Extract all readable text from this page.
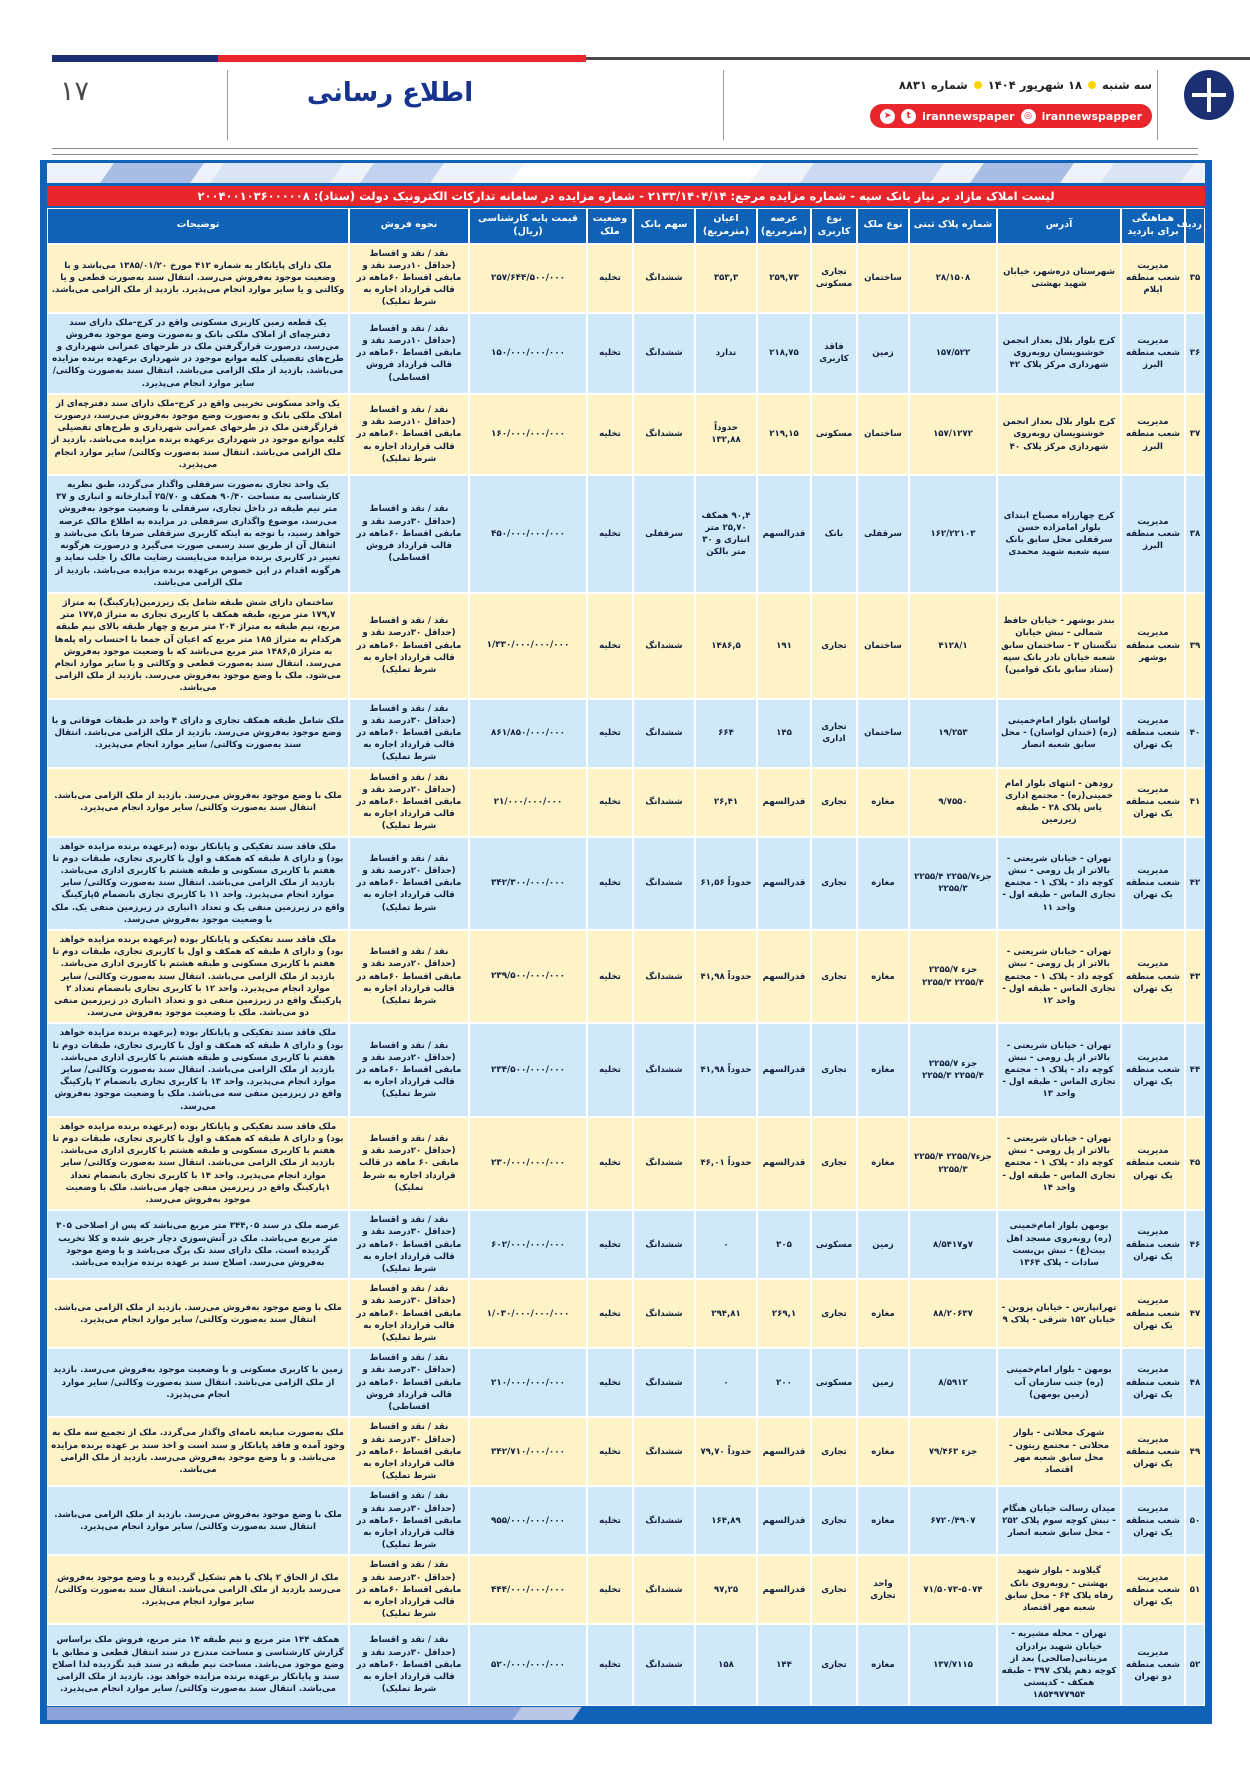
۱۷	اطلاع رسانی	سه شنبه
۱۸ شهریور ۱۴۰۴
شماره ۸۸۳۱
➤	t	irannewspaper	◎ irannewspapper
لیست املاک مازاد بر نیاز بانک سپه - شماره مزایده مرجع: ۲۱۳۳/۱۴۰۴/۱۴ - شماره مزایده در سامانه تدارکات الکترونیک دولت (ستاد): ۲۰۰۴۰۰۱۰۳۶۰۰۰۰۰۸
ردیف	هماهنگی برای بازدید	آدرس	شماره پلاک ثبتی	نوع ملک	نوع کاربری	عرصه (مترمربع)	اعیان (مترمربع)	سهم بانک	وضعیت ملک	قیمت پایه کارشناسی (ریال)	نحوه فروش	توضیحات
۳۵	مدیریت شعب منطقه ایلام	شهرستان دره‌شهر، خیابان شهید بهشتی	۲۸/۱۵۰۸	ساختمان	تجاری مسکونی	۲۵۹,۷۳	۳۵۳,۳	ششدانگ	تخلیه	۲۵۷/۶۴۴/۵۰۰/۰۰۰	نقد / نقد و اقساط (حداقل ۱۰درصد نقد و مابقی اقساط ۶۰ماهه در قالب قرارداد اجاره به شرط تملیک)	ملک دارای پایانکار به شماره ۴۱۲ مورخ ۱۳۸۵/۰۱/۲۰ می‌باشد و با وضعیت موجود به‌فروش می‌رسد. انتقال سند به‌صورت قطعی و یا وکالتی و یا سایر موارد انجام می‌پذیرد. بازدید از ملک الزامی می‌باشد.
۳۶	مدیریت شعب منطقه البرز	کرج بلوار بلال بعداز انجمن خوشنویسان روبه‌روی شهرداری مرکز پلاک ۴۲	۱۵۷/۵۲۲	زمین	فاقد کاربری	۲۱۸,۷۵	ندارد	ششدانگ	تخلیه	۱۵۰/۰۰۰/۰۰۰/۰۰۰	نقد / نقد و اقساط (حداقل ۱۰درصد نقد و مابقی اقساط ۶۰ماهه در قالب قرارداد فروش اقساطی)	یک قطعه زمین کاربری مسکونی واقع در کرج-ملک دارای سند دفترچه‌ای از املاک ملکی بانک و به‌صورت وضع موجود به‌فروش می‌رسد، درصورت قرارگرفتن ملک در طرحهای عمرانی شهرداری و طرح‌های تفضیلی کلیه موانع موجود در شهرداری برعهده برنده مزایده می‌باشد. بازدید از ملک الزامی می‌باشد. انتقال سند به‌صورت وکالتی/ سایر موارد انجام می‌پذیرد.
۳۷	مدیریت شعب منطقه البرز	کرج بلوار بلال بعداز انجمن خوشنویسان روبه‌روی شهرداری مرکز پلاک ۴۰	۱۵۷/۱۲۷۲	ساختمان	مسکونی	۲۱۹,۱۵	حدوداً ۱۳۲,۸۸	ششدانگ	تخلیه	۱۶۰/۰۰۰/۰۰۰/۰۰۰	نقد / نقد و اقساط (حداقل ۱۰درصد نقد و مابقی اقساط ۶۰ماهه در قالب قرارداد اجاره به شرط تملیک)	یک واحد مسکونی تخریبی واقع در کرج-ملک دارای سند دفترچه‌ای از املاک ملکی بانک و به‌صورت وضع موجود به‌فروش می‌رسد، درصورت قرارگرفتن ملک در طرحهای عمرانی شهرداری و طرح‌های تفضیلی کلیه موانع موجود در شهرداری برعهده برنده مزایده می‌باشد. بازدید از ملک الزامی می‌باشد. انتقال سند به‌صورت وکالتی/ سایر موارد انجام می‌پذیرد.
۳۸	مدیریت شعب منطقه البرز	کرج چهارراه مصباح ابتدای بلوار امامزاده حسن سرقفلی محل سابق بانک سپه شعبه شهید محمدی	۱۶۲/۲۲۱۰۳	سرقفلی	بانک	قدرالسهم	۹۰,۴ همکف ۲۵,۷۰ متر انباری و ۳۰ متر بالکن	سرقفلی	تخلیه	۴۵۰/۰۰۰/۰۰۰/۰۰۰	نقد / نقد و اقساط (حداقل ۳۰درصد نقد و مابقی اقساط ۶۰ماهه در قالب قرارداد فروش اقساطی)	یک واحد تجاری به‌صورت سرقفلی واگذار می‌گردد، طبق نظریه کارشناسی به مساحت ۹۰/۴۰ همکف و ۲۵/۷۰ آبدارخانه و انباری و ۳۷ متر نیم طبقه در داخل تجاری، سرقفلی با وضعیت موجود به‌فروش می‌رسد، موضوع واگذاری سرقفلی در مزایده به اطلاع مالک عرصه خواهد رسید، با توجه به اینکه کاربری سرقفلی صرفا بانک می‌باشد و انتقال آن از طریق سند رسمی صورت می‌گیرد و درصورت هرگونه تغییر در کاربری برنده مزایده می‌بایست رضایت مالک را جلب نماید و هرگونه اقدام در این خصوص برعهده برنده مزایده می‌باشد. بازدید از ملک الزامی می‌باشد.
۳۹	مدیریت شعب منطقه بوشهر	بندر بوشهر - خیابان حافظ شمالی - نبش خیابان تنگستان ۳ - ساختمان سابق شعبه خیابان نادر بانک سپه (ستاد سابق بانک قوامین)	۴۱۲۸/۱	ساختمان	تجاری	۱۹۱	۱۴۸۶,۵	ششدانگ	تخلیه	۱/۳۳۰/۰۰۰/۰۰۰/۰۰۰	نقد / نقد و اقساط (حداقل ۳۰درصد نقد و مابقی اقساط ۶۰ماهه در قالب قرارداد اجاره به شرط تملیک)	ساختمان دارای شش طبقه شامل یک زیرزمین(پارکینگ) به متراژ ۱۷۹,۷ متر مربع، طبقه همکف با کاربری تجاری به متراژ ۱۷۷,۵ متر مربع، نیم طبقه به متراژ ۲۰۴ متر مربع و چهار طبقه بالای نیم طبقه هرکدام به متراژ ۱۸۵ متر مربع که اعیان آن جمعا با احتساب راه پله‌ها به متراژ ۱۴۸۶,۵ متر مربع می‌باشد که با وضعیت موجود به‌فروش می‌رسد. انتقال سند به‌صورت قطعی و وکالتی و یا سایر موارد انجام می‌شود. ملک با وضع موجود به‌فروش می‌رسد. بازدید از ملک الزامی می‌باشد.
۴۰	مدیریت شعب منطقه یک تهران	لواسان بلوار امام‌خمینی (ره) (خندان لواسان) - محل سابق شعبه انصار	۱۹/۲۵۳	ساختمان	تجاری اداری	۱۴۵	۶۶۴	ششدانگ	تخلیه	۸۶۱/۸۵۰/۰۰۰/۰۰۰	نقد / نقد و اقساط (حداقل ۳۰درصد نقد و مابقی اقساط ۶۰ماهه در قالب قرارداد اجاره به شرط تملیک)	ملک شامل طبقه همکف تجاری و دارای ۴ واحد در طبقات فوقانی و با وضع موجود به‌فروش می‌رسد. بازدید از ملک الزامی می‌باشد. انتقال سند به‌صورت وکالتی/ سایر موارد انجام می‌پذیرد.
۴۱	مدیریت شعب منطقه یک تهران	رودهن - انتهای بلوار امام خمینی(ره) - مجتمع اداری یاس پلاک ۲۸ - طبقه زیرزمین	۹/۷۵۵۰	مغازه	تجاری	قدرالسهم	۲۶,۴۱	ششدانگ	تخلیه	۲۱/۰۰۰/۰۰۰/۰۰۰	نقد / نقد و اقساط (حداقل ۲۰درصد نقد و مابقی اقساط ۶۰ماهه در قالب قرارداد اجاره به شرط تملیک)	ملک با وضع موجود به‌فروش می‌رسد. بازدید از ملک الزامی می‌باشد. انتقال سند به‌صورت وکالتی/ سایر موارد انجام می‌پذیرد.
۴۲	مدیریت شعب منطقه یک تهران	تهران - خیابان شریعتی - بالاتر از پل رومی - نبش کوچه داد - پلاک ۱ - مجتمع تجاری الماس - طبقه اول - واحد ۱۱	جزء۲۲۵۵/۷ ۲۲۵۵/۴ ۲۲۵۵/۳	مغازه	تجاری	قدرالسهم	حدوداً ۶۱,۵۶	ششدانگ	تخلیه	۳۴۲/۳۰۰/۰۰۰/۰۰۰	نقد / نقد و اقساط (حداقل ۲۰درصد نقد و مابقی اقساط ۶۰ماهه در قالب قرارداد اجاره به شرط تملیک)	ملک فاقد سند تفکیکی و پایانکار بوده (برعهده برنده مزایده خواهد بود) و دارای ۸ طبقه که همکف و اول با کاربری تجاری، طبقات دوم تا هفتم با کاربری مسکونی و طبقه هشتم با کاربری اداری می‌باشد. بازدید از ملک الزامی می‌باشد. انتقال سند به‌صورت وکالتی/ سایر موارد انجام می‌پذیرد. واحد ۱۱ با کاربری تجاری بانضمام ۵پارکینگ واقع در زیرزمین منفی یک و تعداد ۱انباری در زیرزمین منفی یک. ملک با وضعیت موجود به‌فروش می‌رسد.
۴۳	مدیریت شعب منطقه یک تهران	تهران - خیابان شریعتی - بالاتر از پل رومی - نبش کوچه داد - پلاک ۱ - مجتمع تجاری الماس - طبقه اول - واحد ۱۲	جزء ۲۲۵۵/۷ ۲۲۵۵/۴ ۲۲۵۵/۳	مغازه	تجاری	قدرالسهم	حدوداً ۴۱,۹۸	ششدانگ	تخلیه	۲۳۹/۵۰۰/۰۰۰/۰۰۰	نقد / نقد و اقساط (حداقل ۲۰درصد نقد و مابقی اقساط ۶۰ماهه در قالب قرارداد اجاره به شرط تملیک)	ملک فاقد سند تفکیکی و پایانکار بوده (برعهده برنده مزایده خواهد بود) و دارای ۸ طبقه که همکف و اول با کاربری تجاری، طبقات دوم تا هفتم با کاربری مسکونی و طبقه هشتم با کاربری اداری می‌باشد. بازدید از ملک الزامی می‌باشد. انتقال سند به‌صورت وکالتی/ سایر موارد انجام می‌پذیرد. واحد ۱۲ با کاربری تجاری بانضمام تعداد ۲ پارکینگ واقع در زیرزمین منفی دو و تعداد ۱انباری در زیرزمین منفی دو می‌باشد. ملک با وضعیت موجود به‌فروش می‌رسد.
۴۴	مدیریت شعب منطقه یک تهران	تهران - خیابان شریعتی - بالاتر از پل رومی - نبش کوچه داد - پلاک ۱ - مجتمع تجاری الماس - طبقه اول - واحد ۱۳	جزء ۲۲۵۵/۷ ۲۲۵۵/۴ ۲۲۵۵/۳	مغازه	تجاری	قدرالسهم	حدوداً ۴۱,۹۸	ششدانگ	تخلیه	۲۳۴/۵۰۰/۰۰۰/۰۰۰	نقد / نقد و اقساط (حداقل ۲۰درصد نقد و مابقی اقساط ۶۰ماهه در قالب قرارداد اجاره به شرط تملیک)	ملک فاقد سند تفکیکی و پایانکار بوده (برعهده برنده مزایده خواهد بود) و دارای ۸ طبقه که همکف و اول با کاربری تجاری، طبقات دوم تا هفتم با کاربری مسکونی و طبقه هشتم با کاربری اداری می‌باشد. بازدید از ملک الزامی می‌باشد. انتقال سند به‌صورت وکالتی/ سایر موارد انجام می‌پذیرد. واحد ۱۳ با کاربری تجاری بانضمام ۲ پارکینگ واقع در زیرزمین منفی سه می‌باشد. ملک با وضعیت موجود به‌فروش می‌رسد.
۴۵	مدیریت شعب منطقه یک تهران	تهران - خیابان شریعتی - بالاتر از پل رومی - نبش کوچه داد - پلاک ۱ - مجتمع تجاری الماس - طبقه اول - واحد ۱۴	جزء۲۲۵۵/۷ ۲۲۵۵/۴ ۲۲۵۵/۳	مغازه	تجاری	قدرالسهم	حدوداً ۴۶,۰۱	ششدانگ	تخلیه	۲۳۰/۰۰۰/۰۰۰/۰۰۰	نقد / نقد و اقساط (حداقل ۲۰درصد نقد و مابقی ۶۰ ماهه در قالب قرارداد اجاره به شرط تملیک)	ملک فاقد سند تفکیکی و پایانکار بوده (برعهده برنده مزایده خواهد بود) و دارای ۸ طبقه که همکف و اول با کاربری تجاری، طبقات دوم تا هفتم با کاربری مسکونی و طبقه هشتم با کاربری اداری می‌باشد. بازدید از ملک الزامی می‌باشد. انتقال سند به‌صورت وکالتی/ سایر موارد انجام می‌پذیرد. واحد ۱۴ با کاربری تجاری بانضمام تعداد ۱پارکینگ واقع در زیرزمین منفی چهار می‌باشد. ملک با وضعیت موجود به‌فروش می‌رسد.
۴۶	مدیریت شعب منطقه یک تهران	بومهن بلوار امام‌خمینی (ره) روبه‌روی مسجد اهل بیت(ع) - نبش بن‌بست سادات - پلاک ۱۳۶۴	۷و۸/۵۴۱۷	زمین	مسکونی	۳۰۵	۰	ششدانگ	تخلیه	۶۰۲/۰۰۰/۰۰۰/۰۰۰	نقد / نقد و اقساط (حداقل ۳۰درصد نقد و مابقی اقساط ۶۰ماهه در قالب قرارداد اجاره به شرط تملیک)	عرصه ملک در سند ۳۴۴,۰۵ متر مربع می‌باشد که پس از اصلاحی ۳۰۵ متر مربع می‌باشد. ملک در آتش‌سوزی دچار حریق شده و کلا تخریب گردیده است. ملک دارای سند تک برگ می‌باشد و با وضع موجود به‌فروش می‌رسد. اصلاح سند بر عهده برنده مزایده می‌باشد.
۴۷	مدیریت شعب منطقه یک تهران	تهرانپارس - خیابان پروین - خیابان ۱۵۲ شرقی - پلاک ۹	۸۸/۲۰۶۳۷	مغازه	تجاری	۲۶۹,۱	۲۹۴,۸۱	ششدانگ	تخلیه	۱/۰۳۰/۰۰۰/۰۰۰/۰۰۰	نقد / نقد و اقساط (حداقل ۳۰درصد نقد و مابقی اقساط ۶۰ماهه در قالب قرارداد اجاره به شرط تملیک)	ملک با وضع موجود به‌فروش می‌رسد. بازدید از ملک الزامی می‌باشد. انتقال سند به‌صورت وکالتی/ سایر موارد انجام می‌پذیرد.
۴۸	مدیریت شعب منطقه یک تهران	بومهن - بلوار امام‌خمینی (ره) جنب سازمان آب (زمین بومهن)	۸/۵۹۱۲	زمین	مسکونی	۲۰۰	۰	ششدانگ	تخلیه	۲۱۰/۰۰۰/۰۰۰/۰۰۰	نقد / نقد و اقساط (حداقل ۳۰درصد نقد و مابقی اقساط ۶۰ماهه در قالب قرارداد فروش اقساطی)	زمین با کاربری مسکونی و با وضعیت موجود به‌فروش می‌رسد. بازدید از ملک الزامی می‌باشد. انتقال سند به‌صورت وکالتی/ سایر موارد انجام می‌پذیرد.
۴۹	مدیریت شعب منطقه یک تهران	شهرک محلاتی - بلوار محلاتی - مجتمع زیتون - محل سابق شعبه مهر اقتصاد	جزء ۷۹/۴۶۳	مغازه	تجاری	قدرالسهم	حدوداً ۷۹,۷۰	ششدانگ	تخلیه	۳۴۲/۷۱۰/۰۰۰/۰۰۰	نقد / نقد و اقساط (حداقل ۳۰درصد نقد و مابقی اقساط ۶۰ماهه در قالب قرارداد اجاره به شرط تملیک)	ملک به‌صورت مبایعه نامه‌ای واگذار می‌گردد. ملک از تجمیع سه ملک به وجود آمده و فاقد پایانکار و سند است و اخذ سند بر عهده برنده مزایده می‌باشد. و با وضع موجود به‌فروش می‌رسد. بازدید از ملک الزامی می‌باشد.
۵۰	مدیریت شعب منطقه یک تهران	میدان رسالت خیابان هنگام - نبش کوچه سوم پلاک ۲۵۲ - محل سابق شعبه انصار	۶۷۲۰/۴۹۰۷	مغازه	تجاری	قدرالسهم	۱۶۴,۸۹	ششدانگ	تخلیه	۹۵۵/۰۰۰/۰۰۰/۰۰۰	نقد / نقد و اقساط (حداقل ۳۰درصد نقد و مابقی اقساط ۶۰ماهه در قالب قرارداد اجاره به شرط تملیک)	ملک با وضع موجود به‌فروش می‌رسد. بازدید از ملک الزامی می‌باشد. انتقال سند به‌صورت وکالتی/ سایر موارد انجام می‌پذیرد.
۵۱	مدیریت شعب منطقه یک تهران	گیلاوند - بلوار شهید بهشتی - روبه‌روی بانک رفاه پلاک ۶۴ - محل سابق شعبه مهر اقتصاد	۷۱/۵۰۷۳-۵۰۷۴	واحد تجاری	تجاری	قدرالسهم	۹۷,۲۵	ششدانگ	تخلیه	۴۴۴/۰۰۰/۰۰۰/۰۰۰	نقد / نقد و اقساط (حداقل ۳۰درصد نقد و مابقی اقساط ۶۰ماهه در قالب قرارداد اجاره به شرط تملیک)	ملک از الحاق ۲ پلاک با هم تشکیل گردیده و با وضع موجود به‌فروش می‌رسد بازدید از ملک الزامی می‌باشد. انتقال سند به‌صورت وکالتی/ سایر موارد انجام می‌پذیرد.
۵۲	مدیریت شعب منطقه دو تهران	تهران - محله مشیریه - خیابان شهید برادران مزینانی(صالحی) بعد از کوچه دهم پلاک ۳۹۷ - طبقه همکف - کدپستی ۱۸۵۴۹۷۷۹۵۴	۱۳۷/۷۱۱۵	مغازه	تجاری	۱۴۴	۱۵۸	ششدانگ	تخلیه	۵۲۰/۰۰۰/۰۰۰/۰۰۰	نقد / نقد و اقساط (حداقل ۳۰درصد نقد و مابقی اقساط ۶۰ماهه در قالب قرارداد اجاره به شرط تملیک)	همکف ۱۴۴ متر مربع و نیم طبقه ۱۴ متر مربع، فروش ملک براساس گزارش کارشناسی و مساحت مندرج در سند انتقال قطعی و مطابق با وضع موجود می‌باشد. مساحت نیم طبقه در سند قید نگردیده لذا اصلاح سند و پایانکار برعهده برنده مزایده خواهد بود. بازدید از ملک الزامی می‌باشد. انتقال سند به‌صورت وکالتی/ سایر موارد انجام می‌پذیرد.
